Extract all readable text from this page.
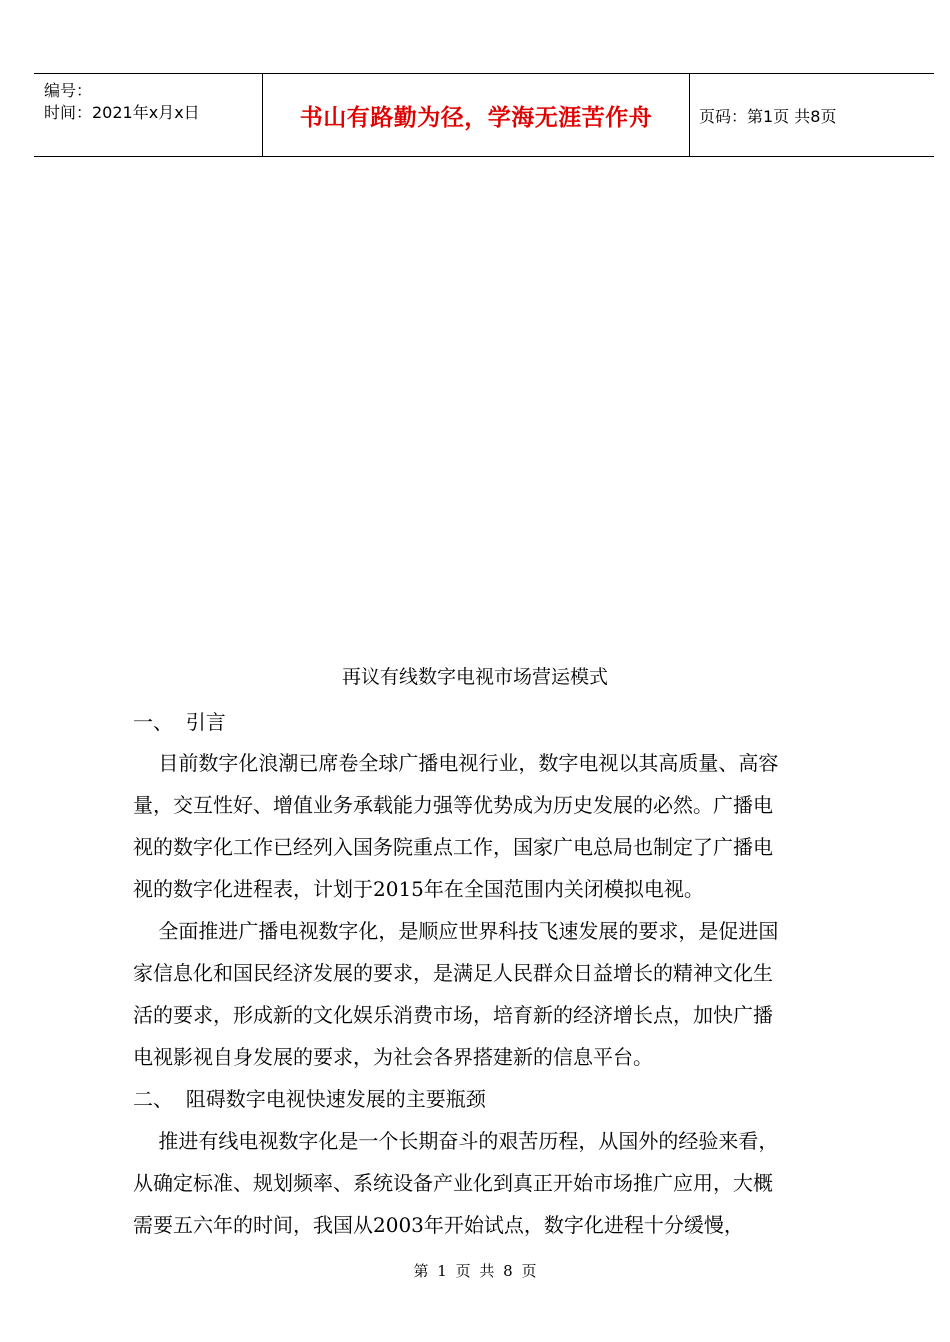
编号：
时间：2021年x月x日	书山有路勤为径，学海无涯苦作舟	页码：第1页 共8页
再议有线数字电视市场营运模式
一、  引言
目前数字化浪潮已席卷全球广播电视行业，数字电视以其高质量、高容
量，交互性好、增值业务承载能力强等优势成为历史发展的必然。广播电
视的数字化工作已经列入国务院重点工作，国家广电总局也制定了广播电
视的数字化进程表，计划于2015年在全国范围内关闭模拟电视。
全面推进广播电视数字化，是顺应世界科技飞速发展的要求，是促进国
家信息化和国民经济发展的要求，是满足人民群众日益增长的精神文化生
活的要求，形成新的文化娱乐消费市场，培育新的经济增长点，加快广播
电视影视自身发展的要求，为社会各界搭建新的信息平台。
二、  阻碍数字电视快速发展的主要瓶颈
推进有线电视数字化是一个长期奋斗的艰苦历程，从国外的经验来看，
从确定标准、规划频率、系统设备产业化到真正开始市场推广应用，大概
需要五六年的时间，我国从2003年开始试点，数字化进程十分缓慢，
第 1 页 共 8 页
